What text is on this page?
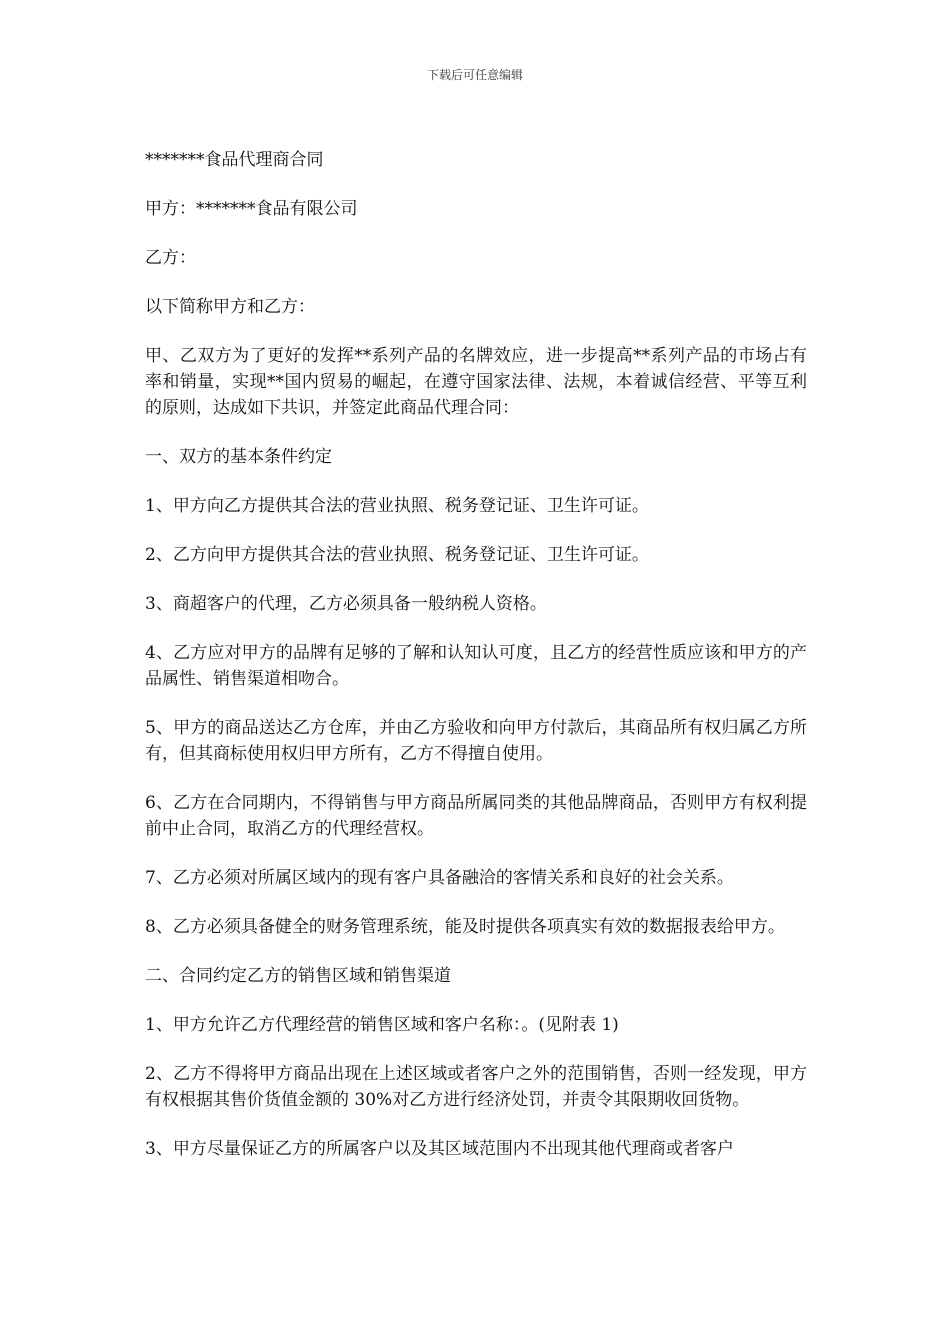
下载后可任意编辑

*******食品代理商合同

甲方：*******食品有限公司

乙方：

以下简称甲方和乙方：

甲、乙双方为了更好的发挥**系列产品的名牌效应，进一步提高**系列产品的市场占有率和销量，实现**国内贸易的崛起，在遵守国家法律、法规，本着诚信经营、平等互利的原则，达成如下共识，并签定此商品代理合同：

一、双方的基本条件约定

1、甲方向乙方提供其合法的营业执照、税务登记证、卫生许可证。

2、乙方向甲方提供其合法的营业执照、税务登记证、卫生许可证。

3、商超客户的代理，乙方必须具备一般纳税人资格。

4、乙方应对甲方的品牌有足够的了解和认知认可度，且乙方的经营性质应该和甲方的产品属性、销售渠道相吻合。

5、甲方的商品送达乙方仓库，并由乙方验收和向甲方付款后，其商品所有权归属乙方所有，但其商标使用权归甲方所有，乙方不得擅自使用。

6、乙方在合同期内，不得销售与甲方商品所属同类的其他品牌商品，否则甲方有权利提前中止合同，取消乙方的代理经营权。

7、乙方必须对所属区域内的现有客户具备融洽的客情关系和良好的社会关系。

8、乙方必须具备健全的财务管理系统，能及时提供各项真实有效的数据报表给甲方。

二、合同约定乙方的销售区域和销售渠道

1、甲方允许乙方代理经营的销售区域和客户名称：。(见附表 1)

2、乙方不得将甲方商品出现在上述区域或者客户之外的范围销售，否则一经发现，甲方有权根据其售价货值金额的 30%对乙方进行经济处罚，并责令其限期收回货物。

3、甲方尽量保证乙方的所属客户以及其区域范围内不出现其他代理商或者客户
